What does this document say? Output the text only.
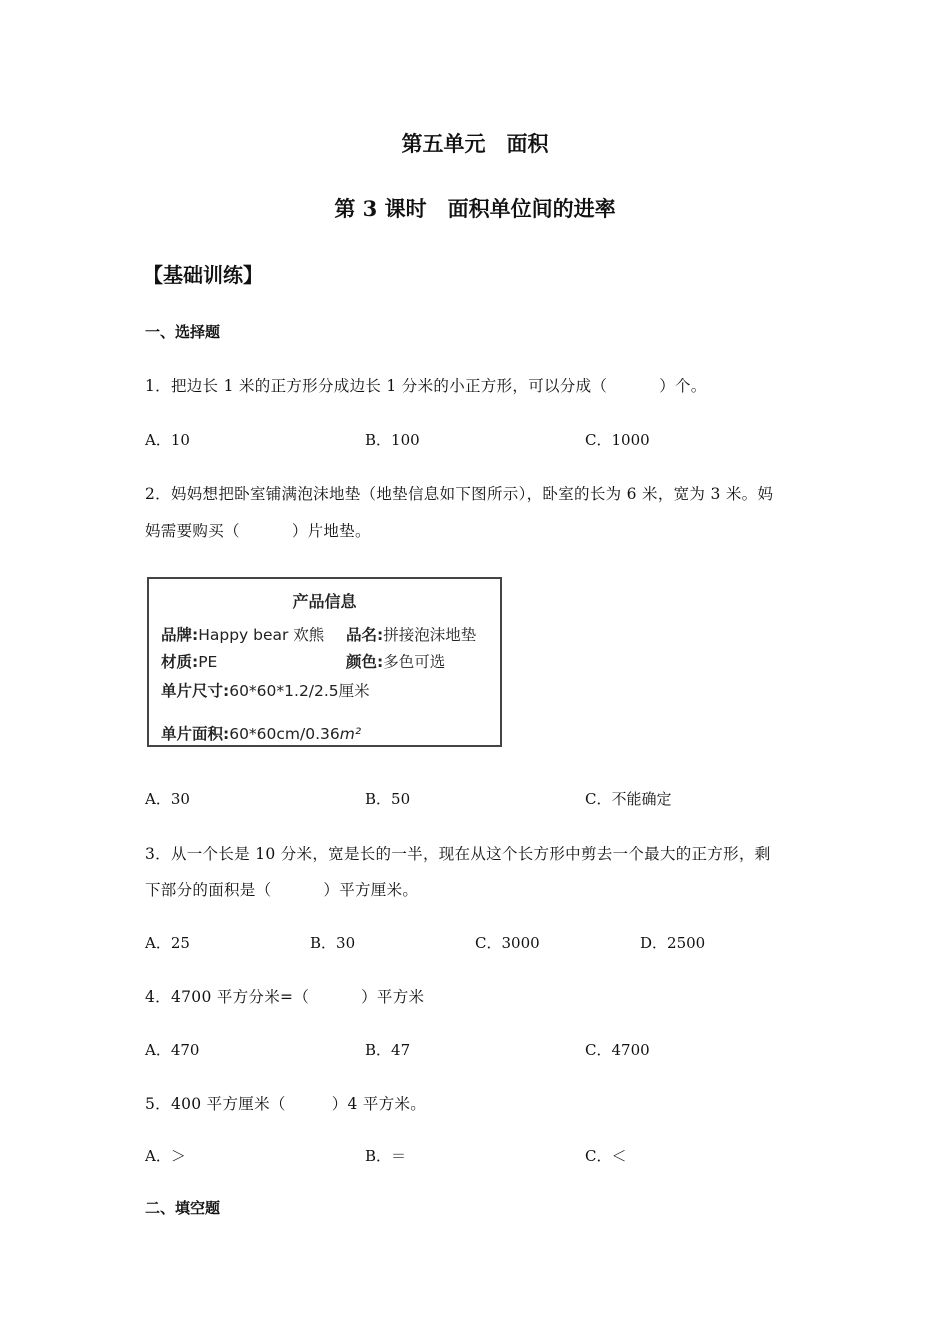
第五单元　面积
第 3 课时　面积单位间的进率
【基础训练】
一、选择题
1．把边长 1 米的正方形分成边长 1 分米的小正方形，可以分成（	）个。
A．10	B．100	C．1000
2．妈妈想把卧室铺满泡沫地垫（地垫信息如下图所示），卧室的长为 6 米，宽为 3 米。妈
妈需要购买（	）片地垫。
产品信息
品牌:Happy bear 欢熊 品名:拼接泡沫地垫
材质:PE	颜色:多色可选
单片尺寸:60*60*1.2/2.5厘米
单片面积:60*60cm/0.36m²
A．30	B．50	C．不能确定
3．从一个长是 10 分米，宽是长的一半，现在从这个长方形中剪去一个最大的正方形，剩
下部分的面积是（	）平方厘米。
A．25	B．30	C．3000	D．2500
4．4700 平方分米=（	）平方米
A．470	B．47	C．4700
5．400 平方厘米（	）4 平方米。
A．＞	B．＝	C．＜
二、填空题
